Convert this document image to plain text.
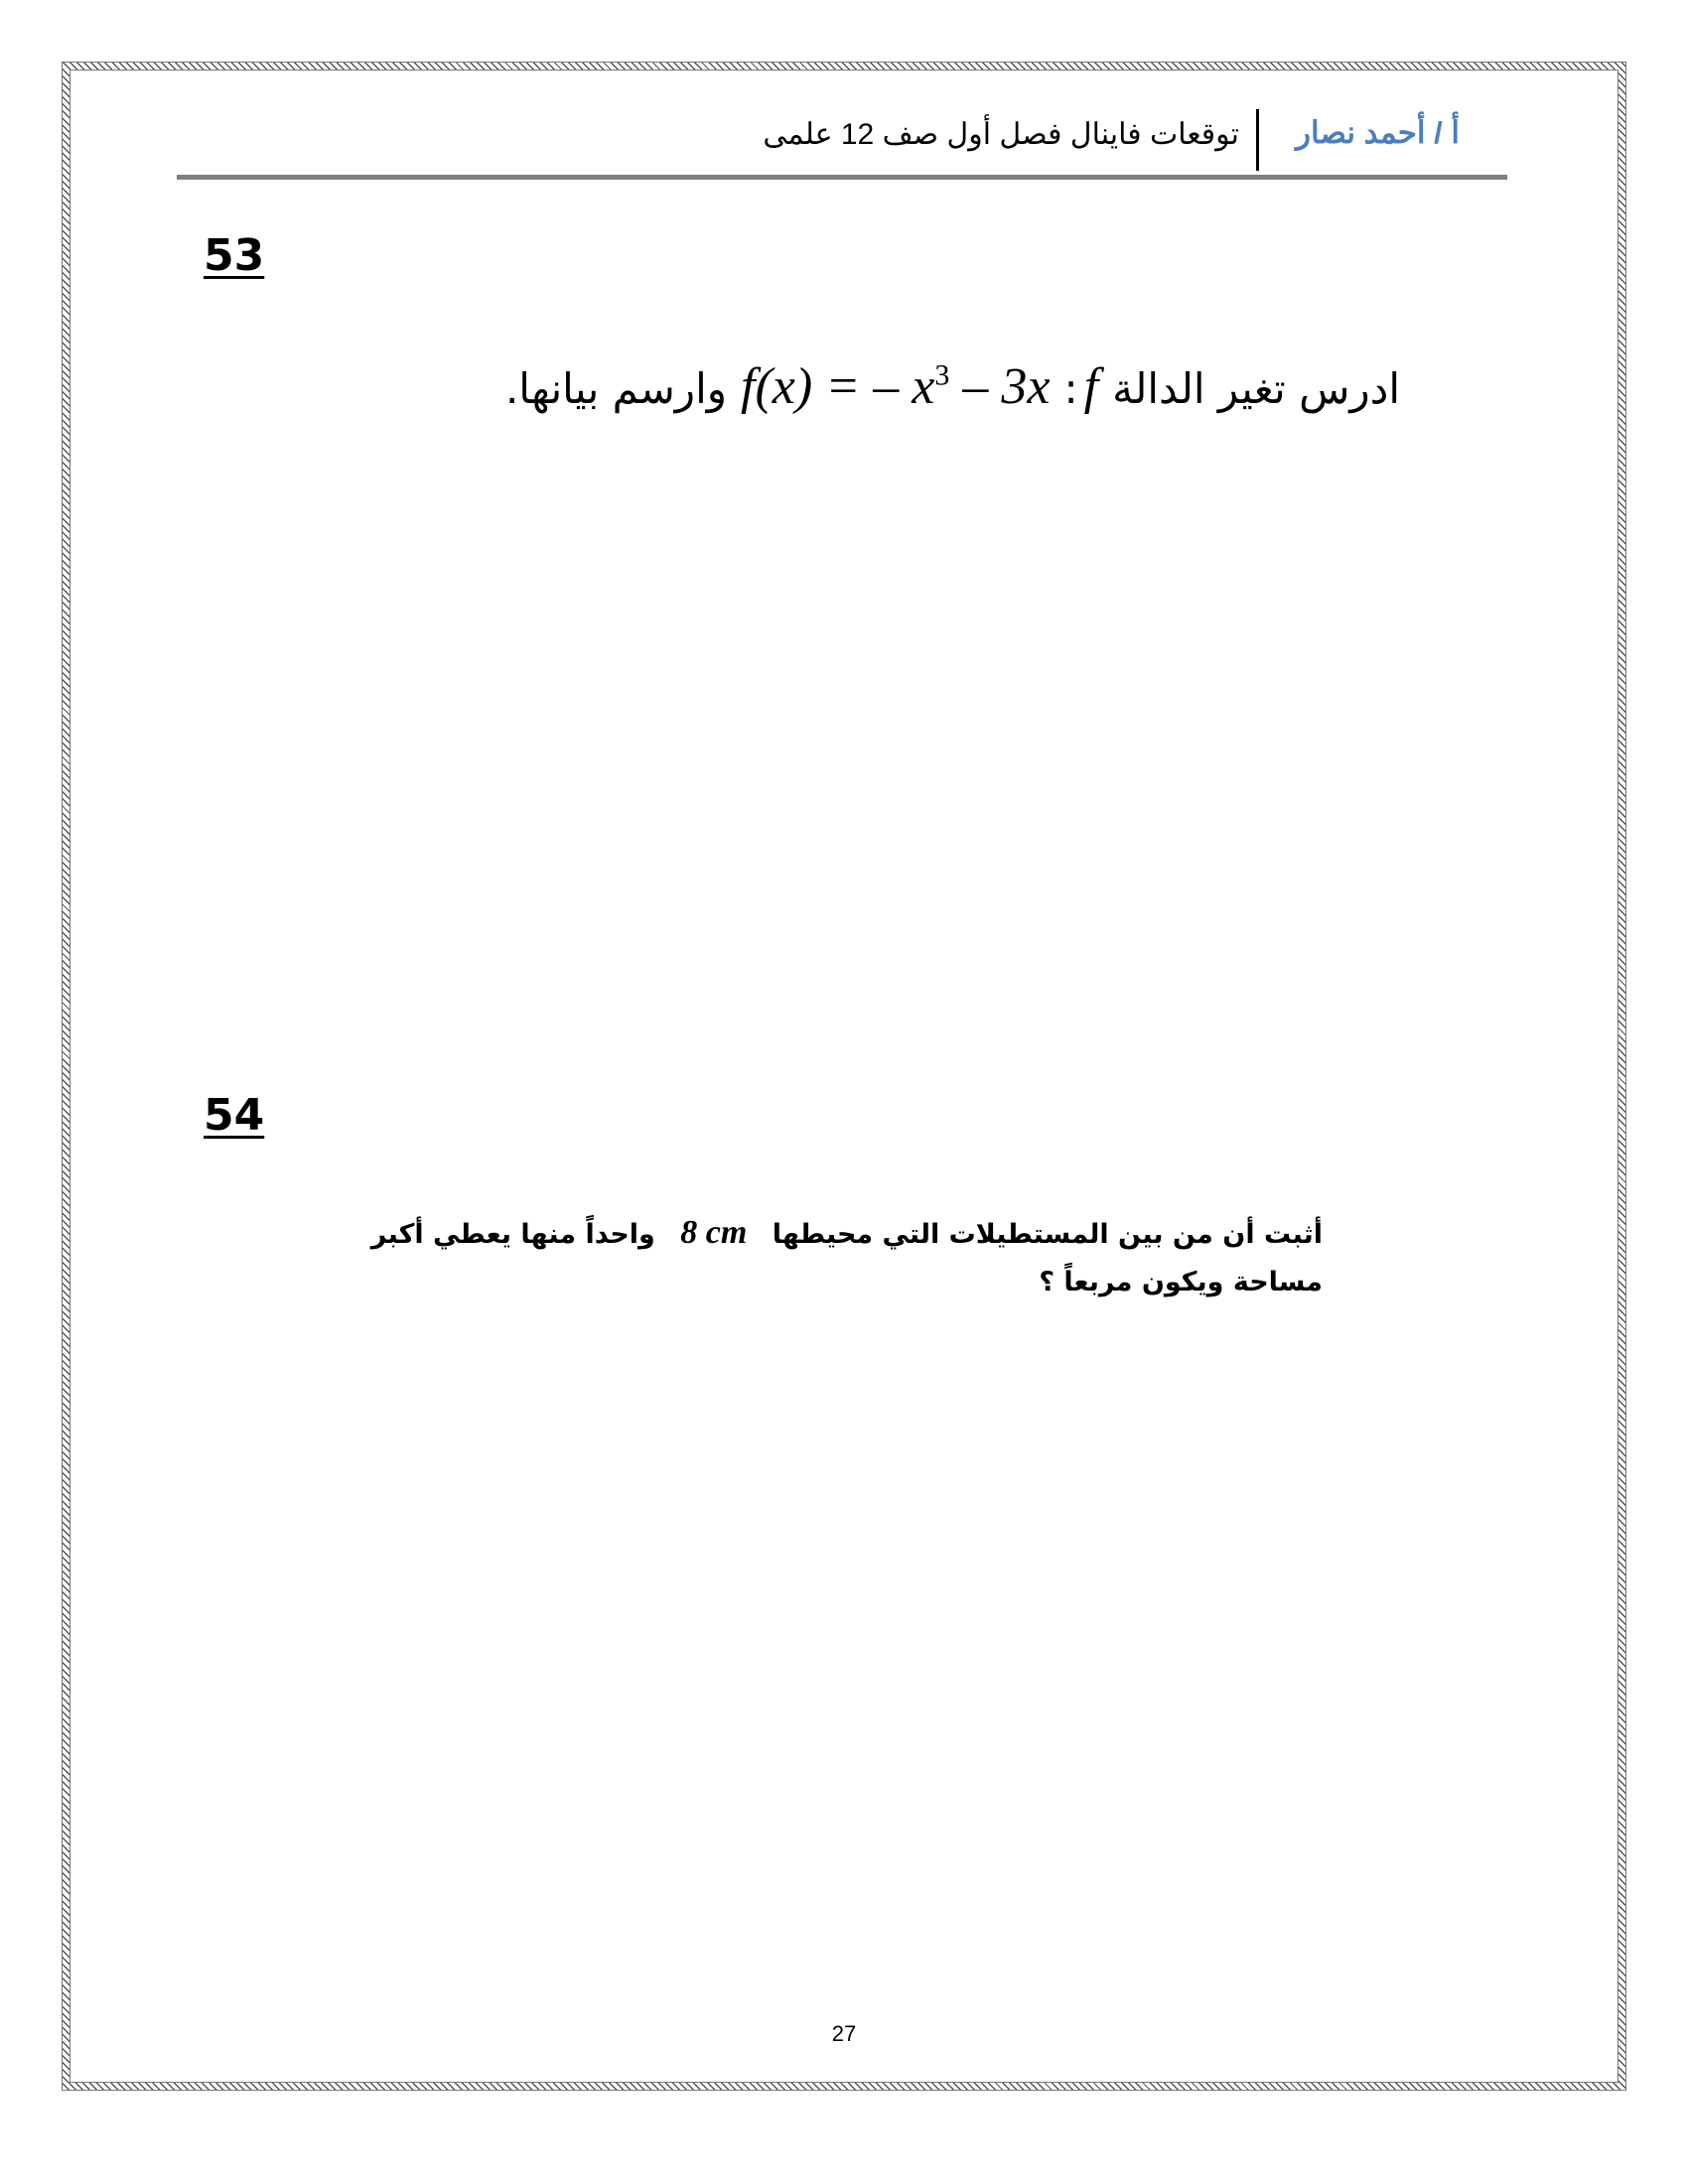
أ / أحمد نصار
توقعات فاينال فصل أول صف 12 علمى
53
ادرس تغير الدالة
f
:
f(x) = – $x^3 - 3x$
وارسم بيانها.
54
أثبت أن من بين المستطيلات التي محيطها 8 cm واحداً منها يعطي أكبر
مساحة ويكون مربعاً ؟
27
